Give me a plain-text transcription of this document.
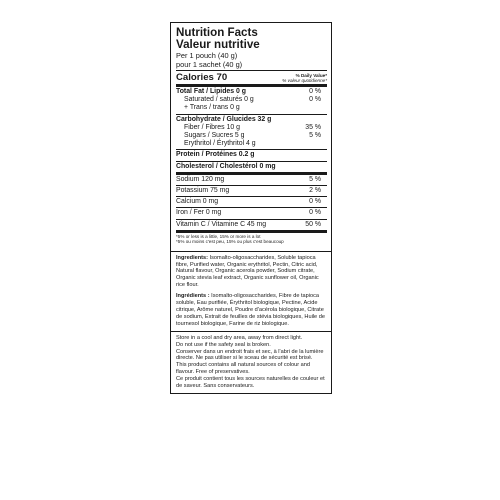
Nutrition Facts
Valeur nutritive
Per 1 pouch (40 g)
pour 1 sachet (40 g)
Calories 70	% Daily Value*
% valeur quotidienne*
Total Fat / Lipides 0 g	0 %
Saturated / saturés 0 g	0 %
+ Trans / trans 0 g
Carbohydrate / Glucides 32 g
Fiber / Fibres 10 g	35 %
Sugars / Sucres 5 g	5 %
Erythritol / Érythritol 4 g
Protein / Protéines 0.2 g
Cholesterol / Cholestérol 0 mg
Sodium 120 mg	5 %
Potassium 75 mg	2 %
Calcium 0 mg	0 %
Iron / Fer 0 mg	0 %
Vitamin C / Vitamine C 45 mg	50 %
*5% or less is a little, 15% or more is a lot
*5% ou moins c'est peu, 15% ou plus c'est beaucoup

Ingredients: Isomalto-oligosaccharides, Soluble tapioca fibre, Purified water, Organic erythritol, Pectin, Citric acid, Natural flavour, Organic acerola powder, Sodium citrate, Organic stevia leaf extract, Organic sunflower oil, Organic rice flour.

Ingrédients : Isomalto-oligosaccharides, Fibre de tapioca soluble, Eau purifiée, Érythritol biologique, Pectine, Acide citrique, Arôme naturel, Poudre d'acérola biologique, Citrate de sodium, Extrait de feuilles de stévia biologiques, Huile de tournesol biologique, Farine de riz biologique.

Store in a cool and dry area, away from direct light.
Do not use if the safety seal is broken.
Conserver dans un endroit frais et sec, à l'abri de la lumière directe. Ne pas utiliser si le sceau de sécurité est brisé.
This product contains all natural sources of colour and flavour. Free of preservatives.
Ce produit contient tous les sources naturelles de couleur et de saveur. Sans conservateurs.
